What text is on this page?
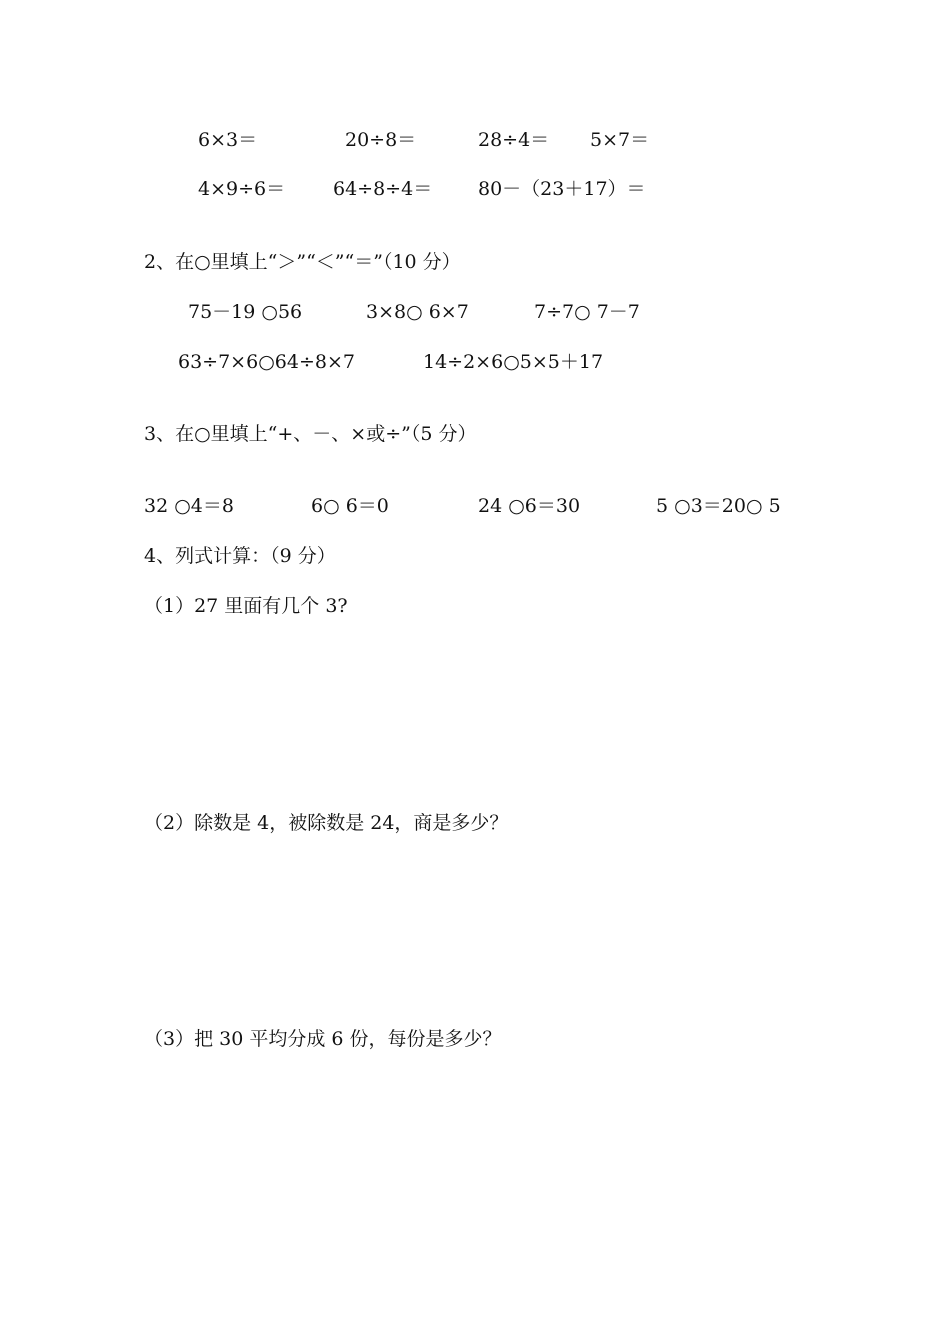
6×3＝	20÷8＝	28÷4＝ 5×7＝
4×9÷6＝	64÷8÷4＝ 80－（23＋17）＝
2、在○里填上“＞”“＜”“＝”（10 分）
75－19 ○56	3×8○ 6×7	7÷7○ 7－7
63÷7×6○64÷8×7	14÷2×6○5×5＋17
3、在○里填上“+、－、×或÷”（5 分）
32 ○4＝8	6○ 6＝0	24 ○6＝30	5 ○3＝20○ 5
4、列式计算：（9 分）
（1）27 里面有几个 3?
（2）除数是 4，被除数是 24，商是多少？
（3）把 30 平均分成 6 份，每份是多少？
